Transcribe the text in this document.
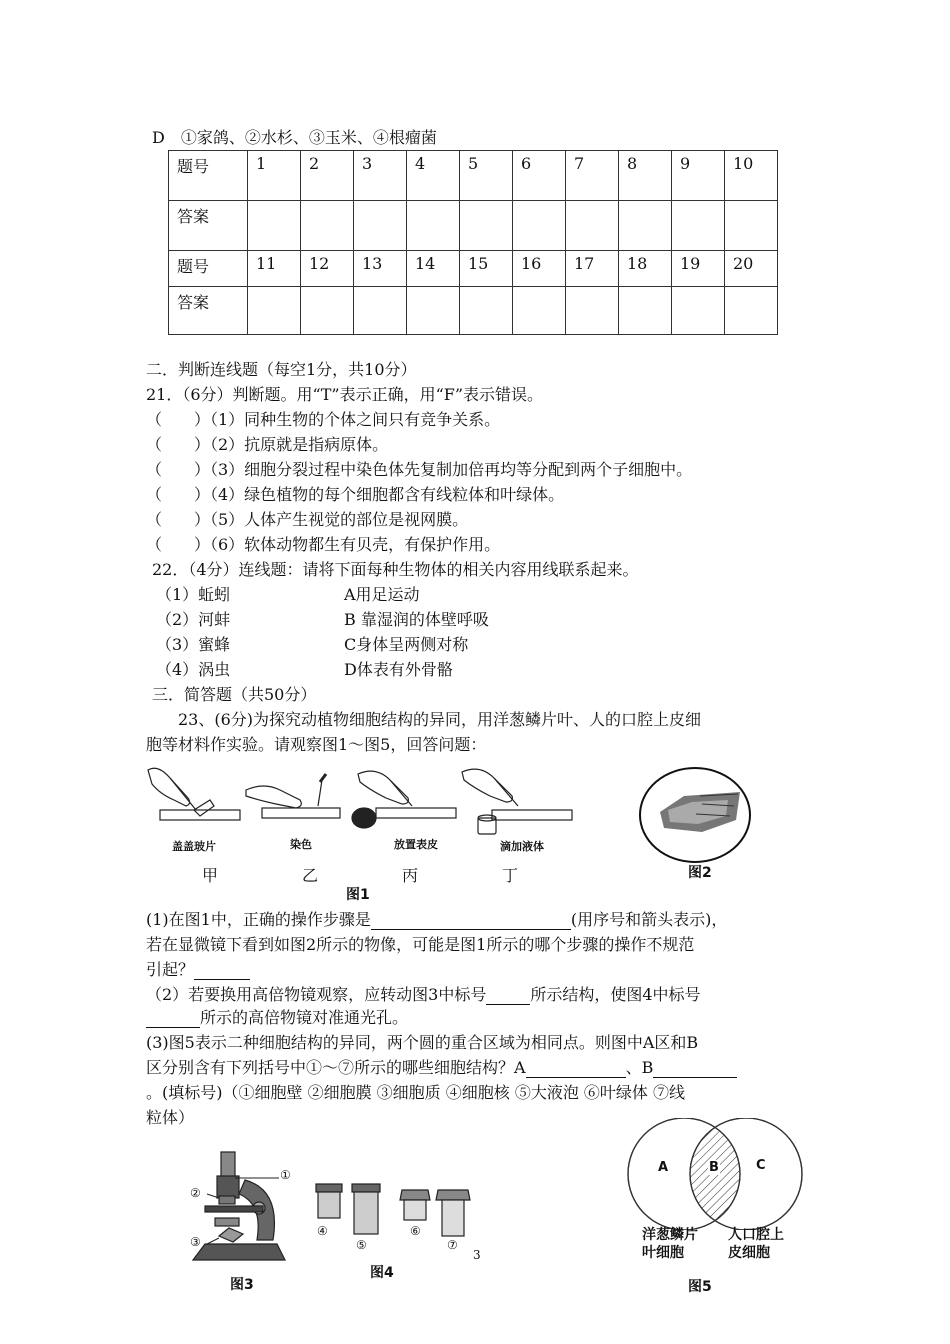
D　①家鸽、②水杉、③玉米、④根瘤菌
题号	1	2	3	4	5	6	7	8	9	10
答案										
题号	11	12	13	14	15	16	17	18	19	20
答案										
二．判断连线题（每空1分，共10分）
21．（6分）判断题。用“T”表示正确，用“F”表示错误。
（　　）（1）同种生物的个体之间只有竞争关系。
（　　）（2）抗原就是指病原体。
（　　）（3）细胞分裂过程中染色体先复制加倍再均等分配到两个子细胞中。
（　　）（4）绿色植物的每个细胞都含有线粒体和叶绿体。
（　　）（5）人体产生视觉的部位是视网膜。
（　　）（6）软体动物都生有贝壳，有保护作用。
22．（4分）连线题：请将下面每种生物体的相关内容用线联系起来。
（1）蚯蚓
（2）河蚌
（3）蜜蜂
（4）涡虫
A用足运动
B 靠湿润的体壁呼吸
C身体呈两侧对称
D体表有外骨骼
三．简答题（共50分）
23、(6分)为探究动植物细胞结构的异同，用洋葱鳞片叶、人的口腔上皮细
胞等材料作实验。请观察图1～图5，回答问题：
盖盖玻片	染色	放置表皮	滴加液体
甲	乙	丙	丁
图1
图2
(1)在图1中，正确的操作步骤是	(用序号和箭头表示)，
若在显微镜下看到如图2所示的物像，可能是图1所示的哪个步骤的操作不规范
引起？
（2）若要换用高倍物镜观察，应转动图3中标号	所示结构，使图4中标号
所示的高倍物镜对准通光孔。
(3)图5表示二种细胞结构的异同，两个圆的重合区域为相同点。则图中A区和B
区分别含有下列括号中①～⑦所示的哪些细胞结构？A	、B
。(填标号)（①细胞壁 ②细胞膜 ③细胞质 ④细胞核 ⑤大液泡 ⑥叶绿体 ⑦线
粒体）
①
②
③
图3
④
⑤
⑥
⑦
图4
3
A	B	C
洋葱鳞片
叶细胞
人口腔上
皮细胞
图5
